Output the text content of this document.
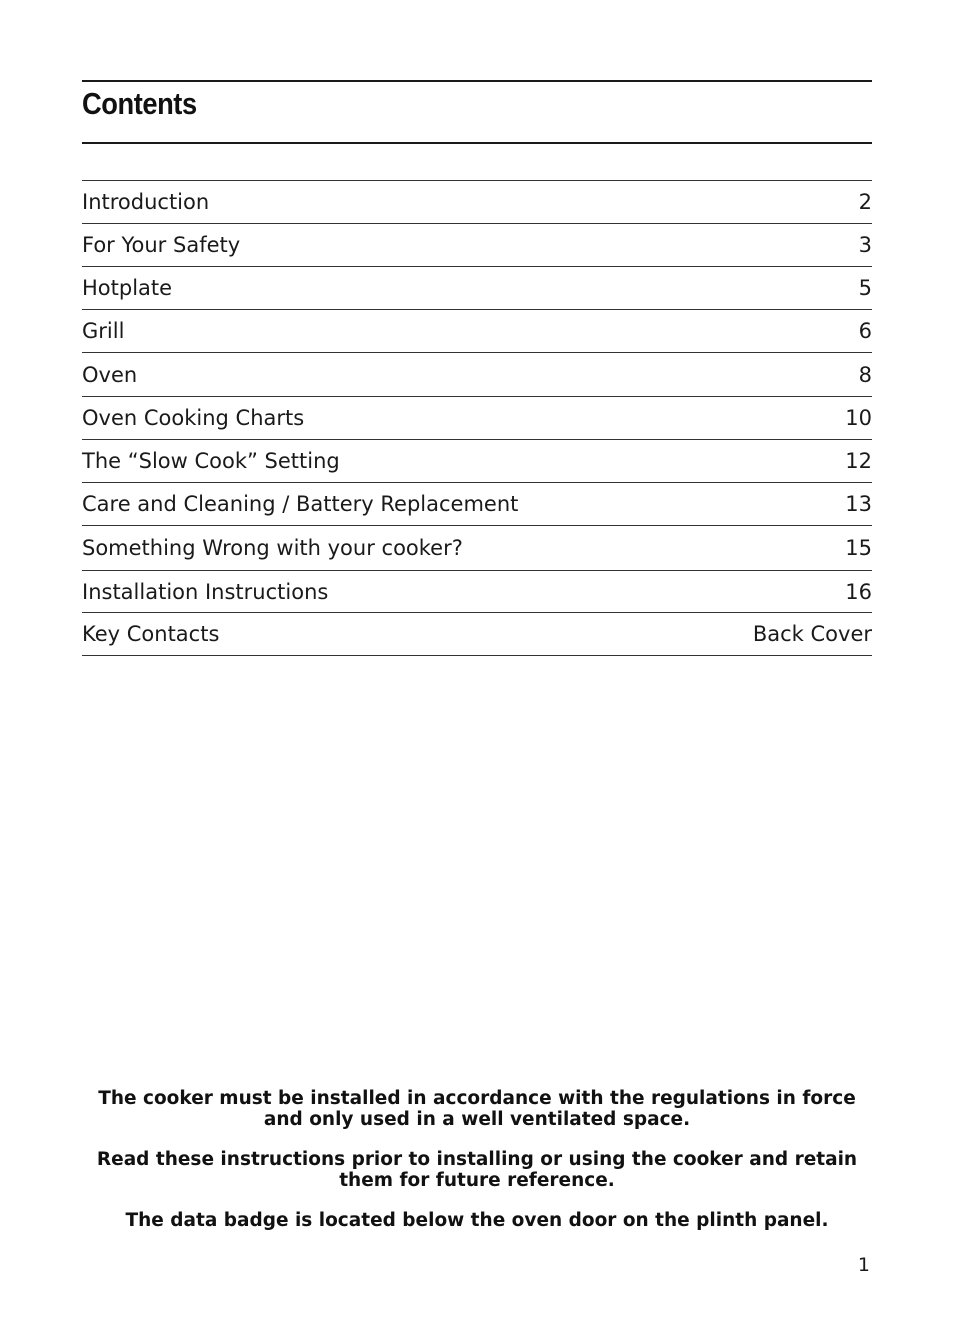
Contents
Introduction	2
For Your Safety	3
Hotplate	5
Grill	6
Oven	8
Oven Cooking Charts	10
The “Slow Cook” Setting	12
Care and Cleaning / Battery Replacement	13
Something Wrong with your cooker?	15
Installation Instructions	16
Key Contacts	Back Cover

The cooker must be installed in accordance with the regulations in force and only used in a well ventilated space.

Read these instructions prior to installing or using the cooker and retain them for future reference.

The data badge is located below the oven door on the plinth panel.

1
